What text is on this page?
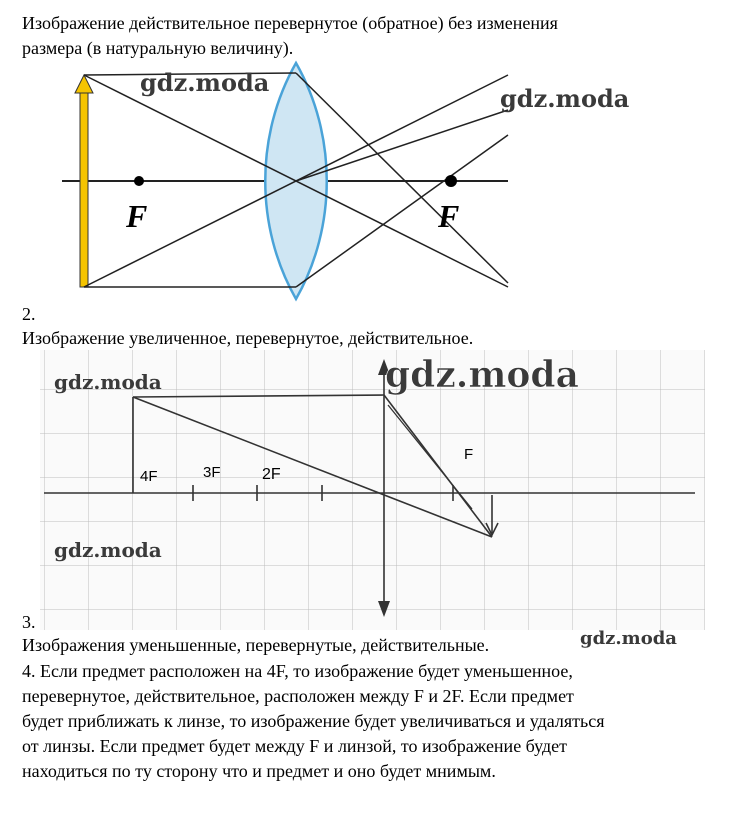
Изображение действительное перевернутое (обратное) без изменения
размера (в натуральную величину).
F	F
gdz.moda
gdz.moda
2.
Изображение увеличенное, перевернутое, действительное.
4F	3F	2F
F
gdz.moda	gdz.moda
gdz.moda
3.
Изображения уменьшенные, перевернутые, действительные.	gdz.moda
4. Если предмет расположен на 4F, то изображение будет уменьшенное,
перевернутое, действительное, расположен между F и 2F. Если предмет
будет приближать к линзе, то изображение будет увеличиваться и удаляться
от линзы. Если предмет будет между F и линзой, то изображение будет
находиться по ту сторону что и предмет и оно будет мнимым.
